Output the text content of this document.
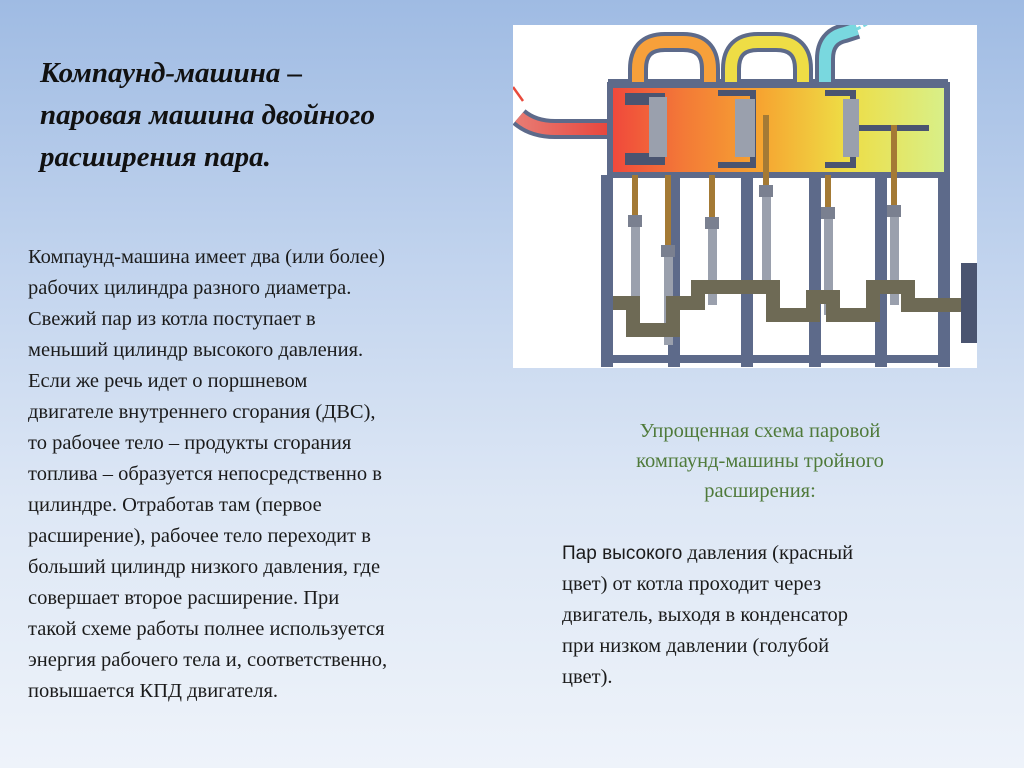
Компаунд-машина –
паровая машина двойного
расширения пара.
Компаунд-машина имеет два (или более)
рабочих цилиндра разного диаметра.
Свежий пар из котла поступает в
меньший цилиндр высокого давления.
Если же речь идет о поршневом
двигателе внутреннего сгорания (ДВС),
то рабочее тело – продукты сгорания
топлива – образуется непосредственно в
цилиндре. Отработав там (первое
расширение), рабочее тело переходит в
больший цилиндр низкого давления, где
совершает второе расширение. При
такой схеме работы полнее используется
энергия рабочего тела и, соответственно,
повышается КПД двигателя.
Упрощенная схема паровой
компаунд-машины тройного
расширения:
Пар высокого давления (красный
цвет) от котла проходит через
двигатель, выходя в конденсатор
при низком давлении (голубой
цвет).
